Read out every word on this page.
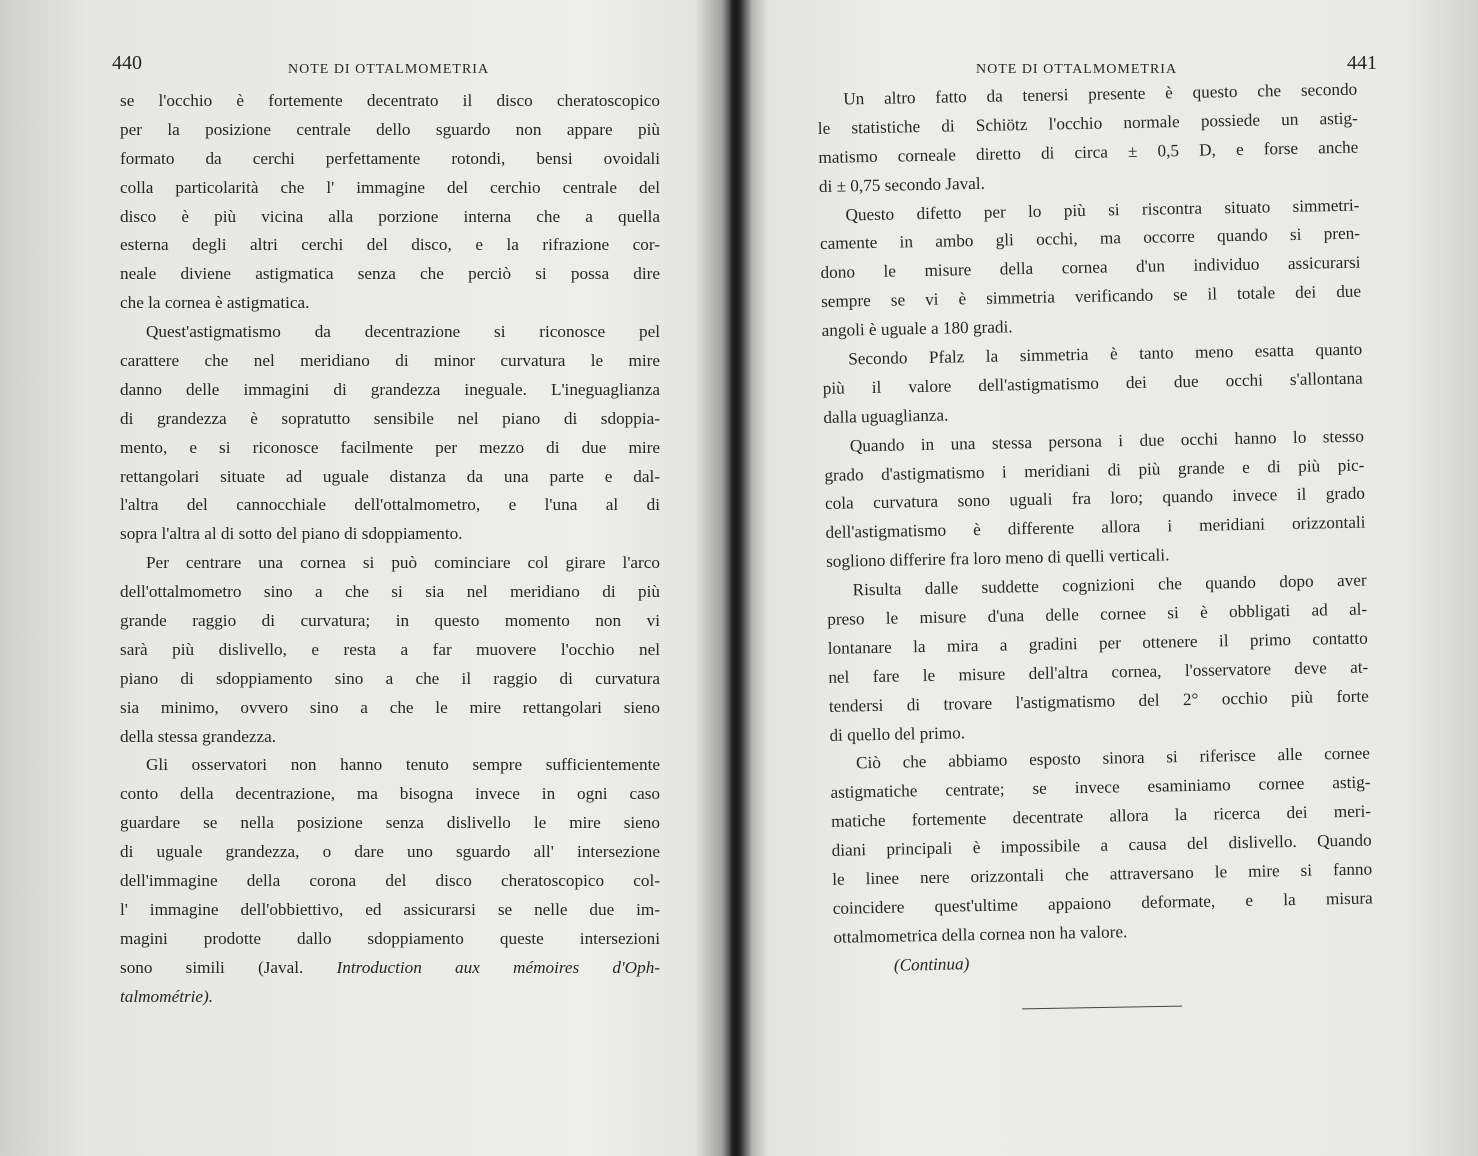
440	NOTE DI OTTALMOMETRIA
se l'occhio è fortemente decentrato il disco cheratoscopico
per la posizione centrale dello sguardo non appare più
formato da cerchi perfettamente rotondi, bensi ovoidali
colla particolarità che l' immagine del cerchio centrale del
disco è più vicina alla porzione interna che a quella
esterna degli altri cerchi del disco, e la rifrazione cor-
neale diviene astigmatica senza che perciò si possa dire
che la cornea è astigmatica.
Quest'astigmatismo da decentrazione si riconosce pel
carattere che nel meridiano di minor curvatura le mire
danno delle immagini di grandezza ineguale. L'ineguaglianza
di grandezza è sopratutto sensibile nel piano di sdoppia-
mento, e si riconosce facilmente per mezzo di due mire
rettangolari situate ad uguale distanza da una parte e dal-
l'altra del cannocchiale dell'ottalmometro, e l'una al di
sopra l'altra al di sotto del piano di sdoppiamento.
Per centrare una cornea si può cominciare col girare l'arco
dell'ottalmometro sino a che si sia nel meridiano di più
grande raggio di curvatura; in questo momento non vi
sarà più dislivello, e resta a far muovere l'occhio nel
piano di sdoppiamento sino a che il raggio di curvatura
sia minimo, ovvero sino a che le mire rettangolari sieno
della stessa grandezza.
Gli osservatori non hanno tenuto sempre sufficientemente
conto della decentrazione, ma bisogna invece in ogni caso
guardare se nella posizione senza dislivello le mire sieno
di uguale grandezza, o dare uno sguardo all' intersezione
dell'immagine della corona del disco cheratoscopico col-
l' immagine dell'obbiettivo, ed assicurarsi se nelle due im-
magini prodotte dallo sdoppiamento queste intersezioni
sono simili (Javal. Introduction aux mémoires d'Oph-
talmométrie).
NOTE DI OTTALMOMETRIA	441
Un altro fatto da tenersi presente è questo che secondo
le statistiche di Schiötz l'occhio normale possiede un astig-
matismo corneale diretto di circa ± 0,5 D, e forse anche
di ± 0,75 secondo Javal.
Questo difetto per lo più si riscontra situato simmetri-
camente in ambo gli occhi, ma occorre quando si pren-
dono le misure della cornea d'un individuo assicurarsi
sempre se vi è simmetria verificando se il totale dei due
angoli è uguale a 180 gradi.
Secondo Pfalz la simmetria è tanto meno esatta quanto
più il valore dell'astigmatismo dei due occhi s'allontana
dalla uguaglianza.
Quando in una stessa persona i due occhi hanno lo stesso
grado d'astigmatismo i meridiani di più grande e di più pic-
cola curvatura sono uguali fra loro; quando invece il grado
dell'astigmatismo è differente allora i meridiani orizzontali
sogliono differire fra loro meno di quelli verticali.
Risulta dalle suddette cognizioni che quando dopo aver
preso le misure d'una delle cornee si è obbligati ad al-
lontanare la mira a gradini per ottenere il primo contatto
nel fare le misure dell'altra cornea, l'osservatore deve at-
tendersi di trovare l'astigmatismo del 2° occhio più forte
di quello del primo.
Ciò che abbiamo esposto sinora si riferisce alle cornee
astigmatiche centrate; se invece esaminiamo cornee astig-
matiche fortemente decentrate allora la ricerca dei meri-
diani principali è impossibile a causa del dislivello. Quando
le linee nere orizzontali che attraversano le mire si fanno
coincidere quest'ultime appaiono deformate, e la misura
ottalmometrica della cornea non ha valore.
(Continua)
